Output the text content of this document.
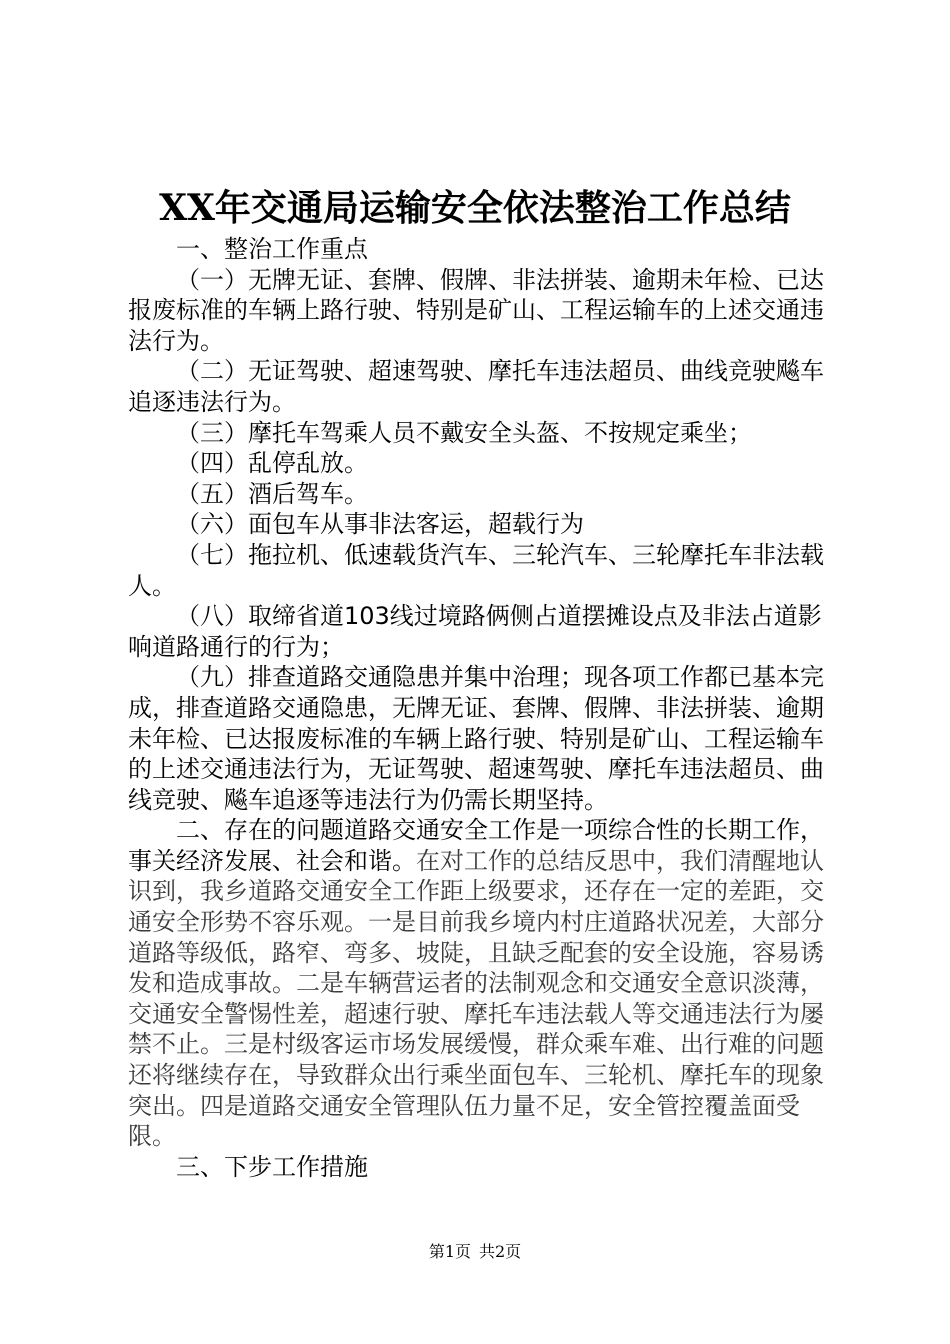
XX年交通局运输安全依法整治工作总结

一、整治工作重点

（一）无牌无证、套牌、假牌、非法拼装、逾期未年检、已达报废标准的车辆上路行驶、特别是矿山、工程运输车的上述交通违法行为。

（二）无证驾驶、超速驾驶、摩托车违法超员、曲线竞驶飚车追逐违法行为。

（三）摩托车驾乘人员不戴安全头盔、不按规定乘坐；

（四）乱停乱放。

（五）酒后驾车。

（六）面包车从事非法客运，超载行为

（七）拖拉机、低速载货汽车、三轮汽车、三轮摩托车非法载人。

（八）取缔省道103线过境路俩侧占道摆摊设点及非法占道影响道路通行的行为；

（九）排查道路交通隐患并集中治理；现各项工作都已基本完成，排查道路交通隐患，无牌无证、套牌、假牌、非法拼装、逾期未年检、已达报废标准的车辆上路行驶、特别是矿山、工程运输车的上述交通违法行为，无证驾驶、超速驾驶、摩托车违法超员、曲线竞驶、飚车追逐等违法行为仍需长期坚持。

二、存在的问题道路交通安全工作是一项综合性的长期工作，事关经济发展、社会和谐。在对工作的总结反思中，我们清醒地认识到，我乡道路交通安全工作距上级要求，还存在一定的差距，交通安全形势不容乐观。一是目前我乡境内村庄道路状况差，大部分道路等级低，路窄、弯多、坡陡，且缺乏配套的安全设施，容易诱发和造成事故。二是车辆营运者的法制观念和交通安全意识淡薄，交通安全警惕性差，超速行驶、摩托车违法载人等交通违法行为屡禁不止。三是村级客运市场发展缓慢，群众乘车难、出行难的问题还将继续存在，导致群众出行乘坐面包车、三轮机、摩托车的现象突出。四是道路交通安全管理队伍力量不足，安全管控覆盖面受限。

三、下步工作措施

第1页 共2页
